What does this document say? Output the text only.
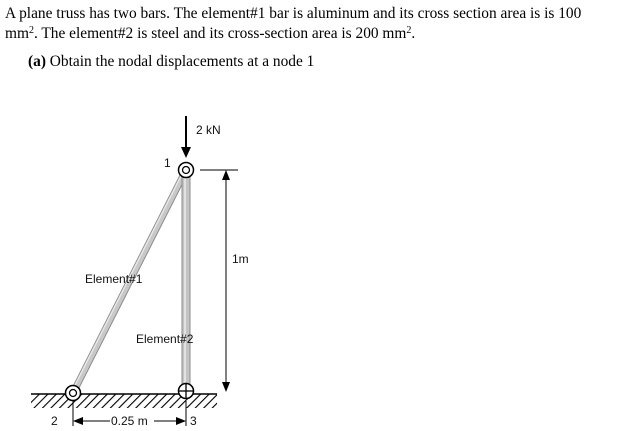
A plane truss has two bars. The element#1 bar is aluminum and its cross section area is is 100
$mm^2$. The element#2 is steel and its cross-section area is 200 $mm^2$.
(a) Obtain the nodal displacements at a node 1
2 kN
1
2	3
1m
0.25 m
Element#1
Element#2
